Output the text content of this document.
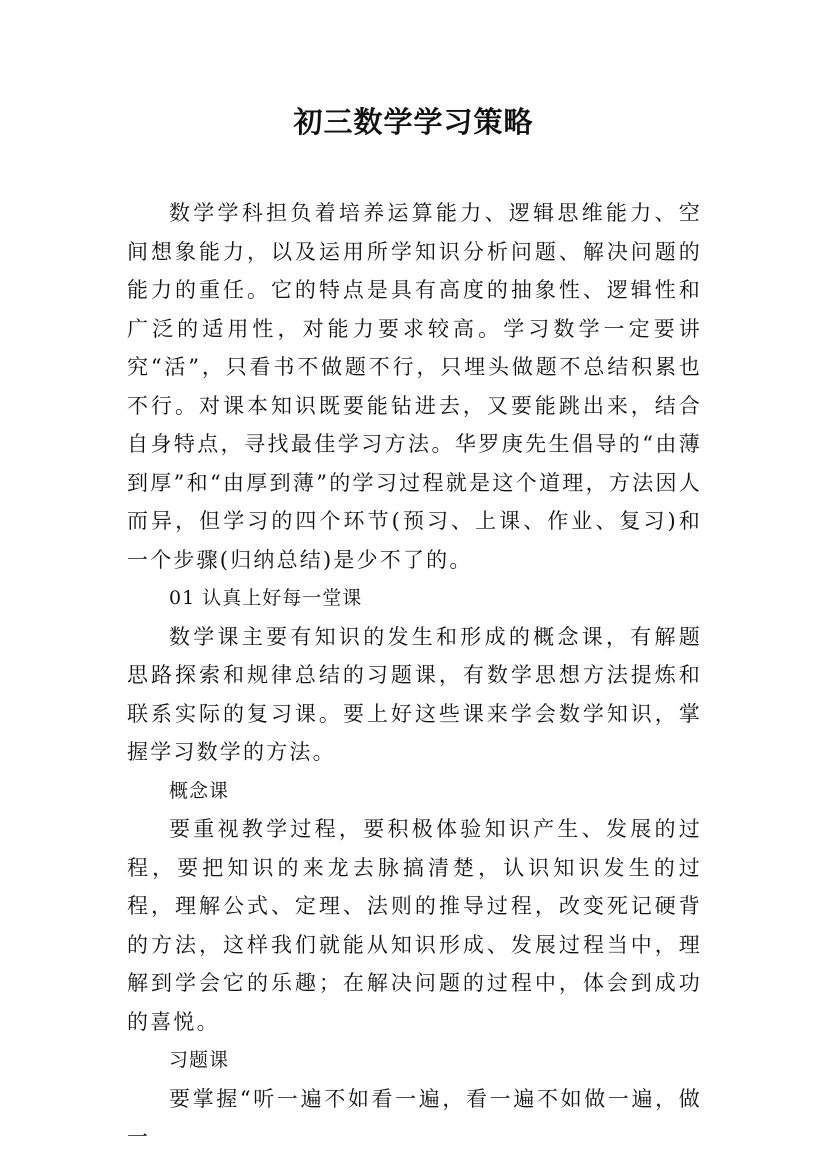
初三数学学习策略

数学学科担负着培养运算能力、逻辑思维能力、空间想象能力，以及运用所学知识分析问题、解决问题的能力的重任。它的特点是具有高度的抽象性、逻辑性和广泛的适用性，对能力要求较高。学习数学一定要讲究“活”，只看书不做题不行，只埋头做题不总结积累也不行。对课本知识既要能钻进去，又要能跳出来，结合自身特点，寻找最佳学习方法。华罗庚先生倡导的“由薄到厚”和“由厚到薄”的学习过程就是这个道理，方法因人而异，但学习的四个环节(预习、上课、作业、复习)和一个步骤(归纳总结)是少不了的。

01 认真上好每一堂课

数学课主要有知识的发生和形成的概念课，有解题思路探索和规律总结的习题课，有数学思想方法提炼和联系实际的复习课。要上好这些课来学会数学知识，掌握学习数学的方法。

概念课

要重视教学过程，要积极体验知识产生、发展的过程，要把知识的来龙去脉搞清楚，认识知识发生的过程，理解公式、定理、法则的推导过程，改变死记硬背的方法，这样我们就能从知识形成、发展过程当中，理解到学会它的乐趣；在解决问题的过程中，体会到成功的喜悦。

习题课

要掌握“听一遍不如看一遍，看一遍不如做一遍，做一
